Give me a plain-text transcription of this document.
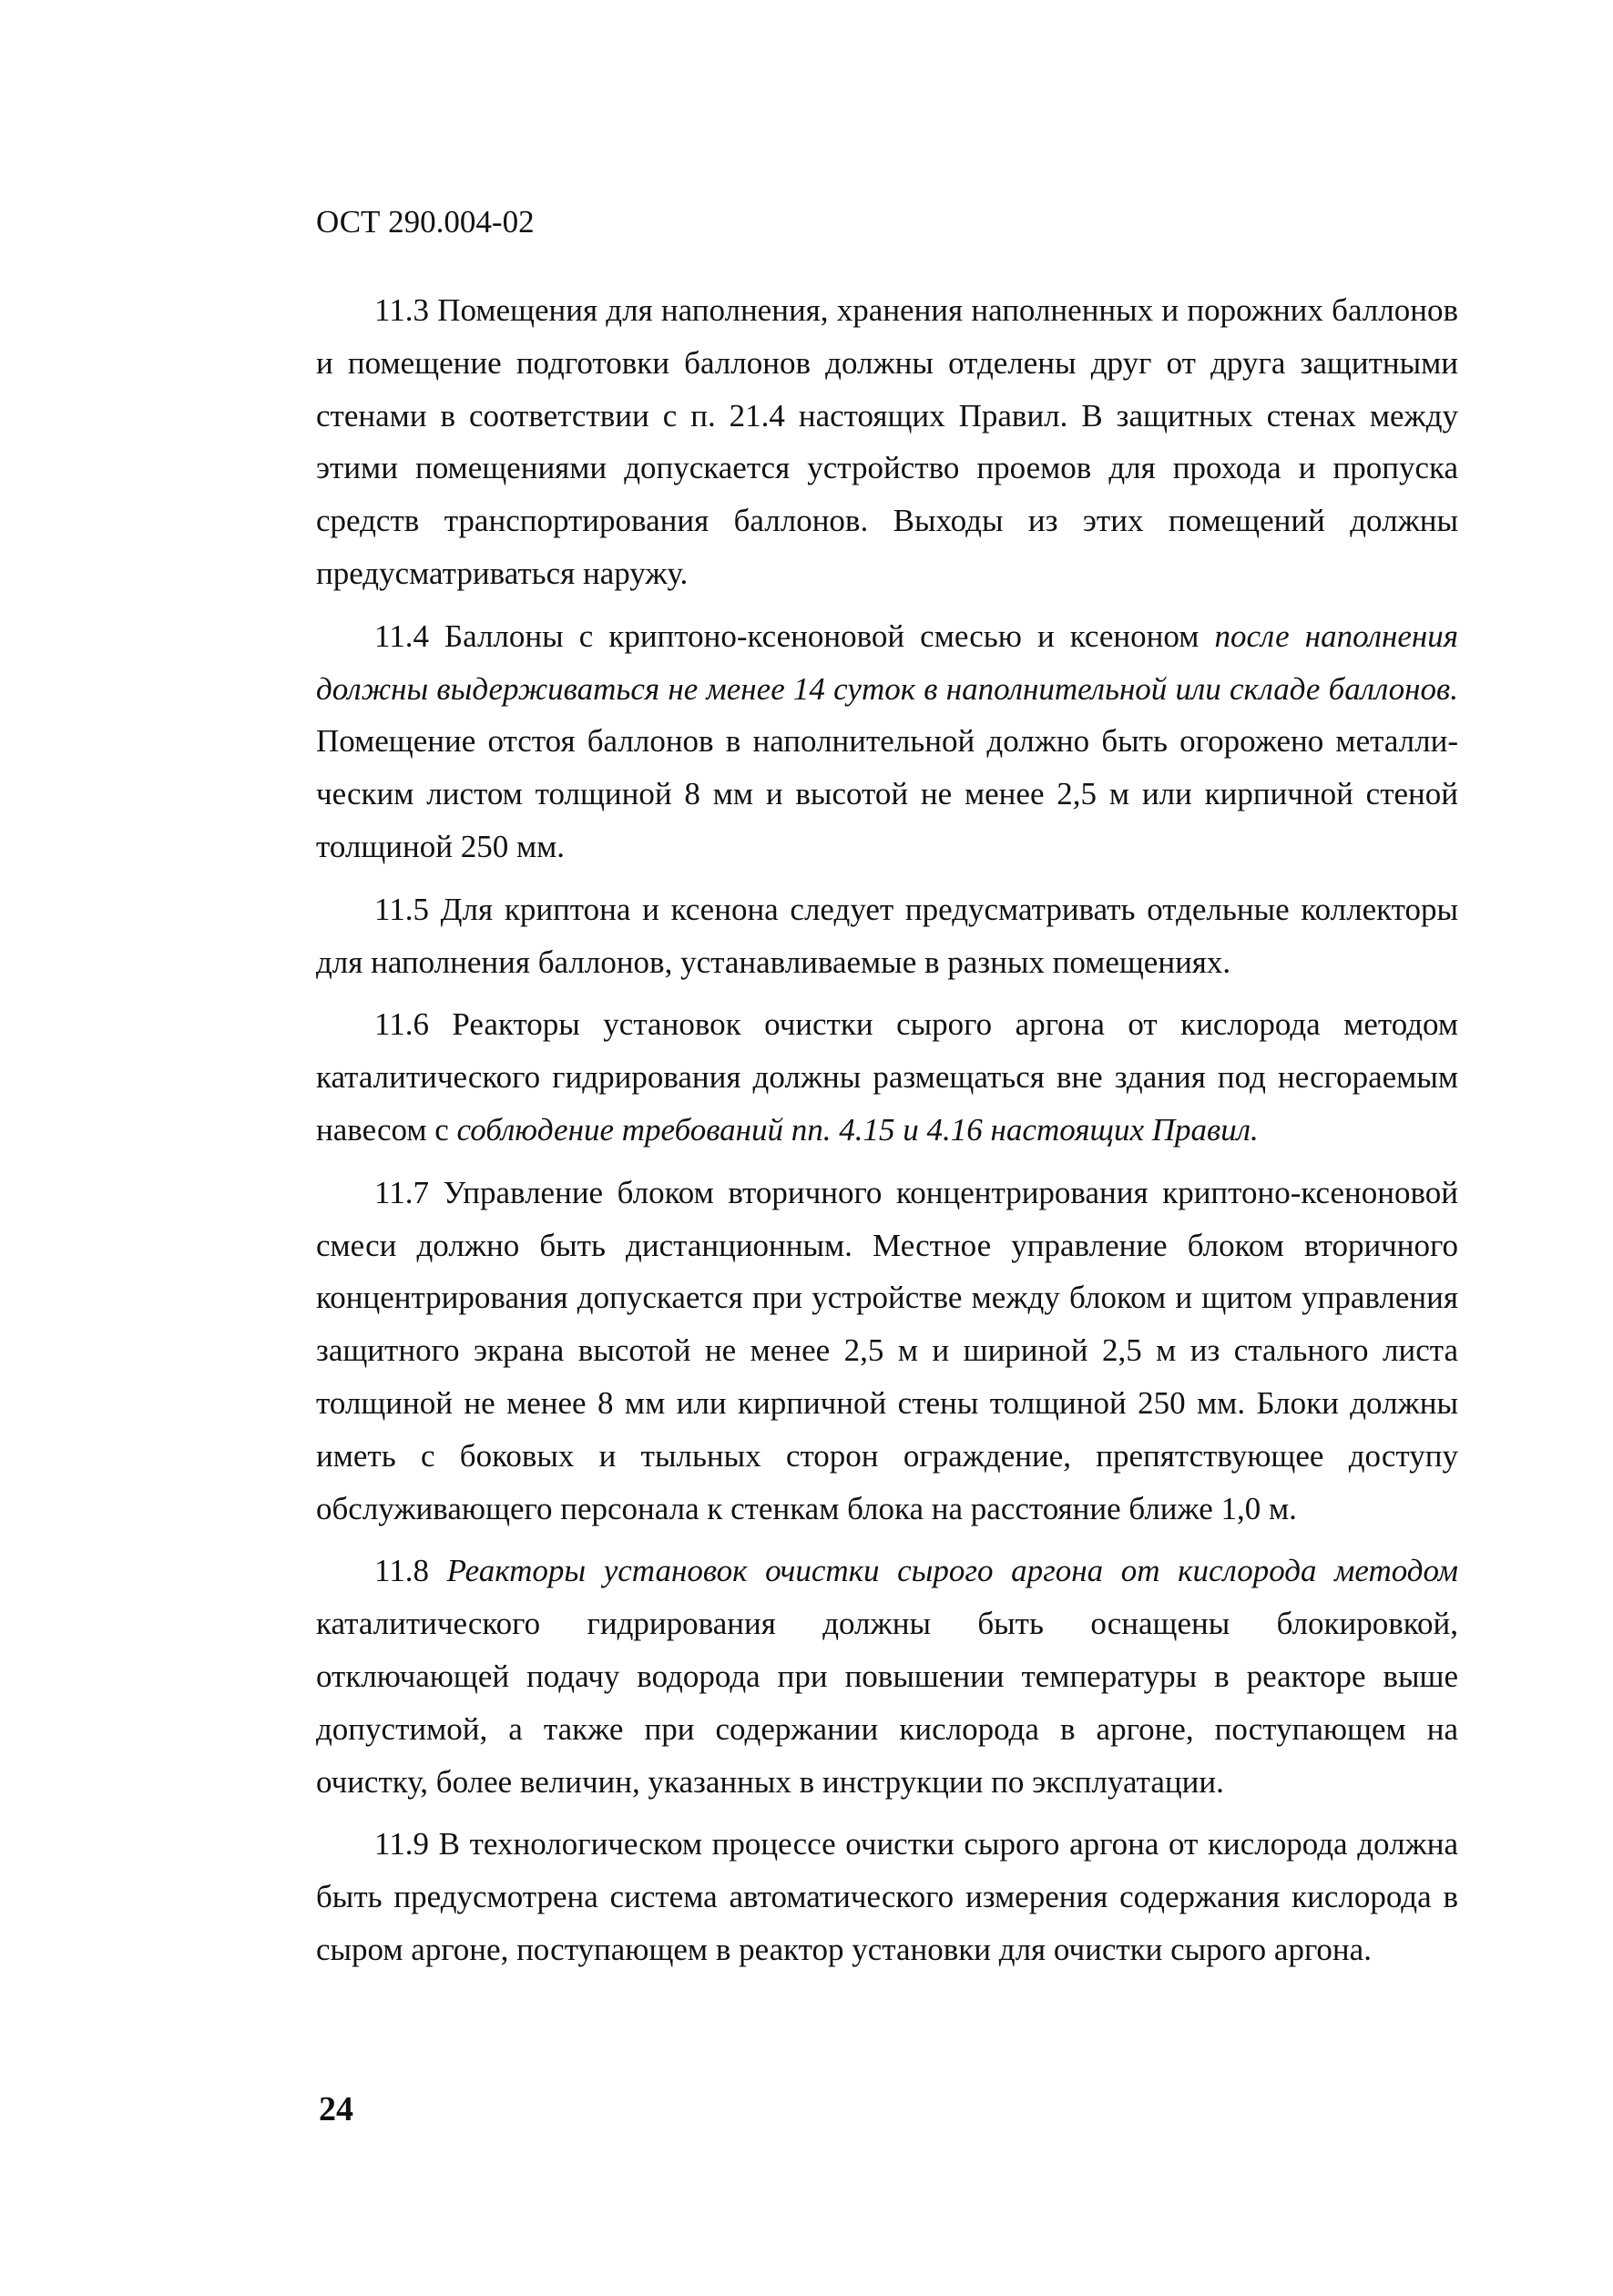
ОСТ 290.004-02

11.3 Помещения для наполнения, хранения наполненных и порожних баллонов и помещение подготовки баллонов должны отделены друг от друга защитными стенами в соответствии с п. 21.4 настоящих Правил. В защитных стенах между этими помещениями допускается устройство проемов для прохода и пропуска средств транспортирования баллонов. Выходы из этих помещений должны предусматриваться наружу.

11.4 Баллоны с криптоно-ксеноновой смесью и ксеноном после наполнения должны выдерживаться не менее 14 суток в наполнительной или складе баллонов. Помещение отстоя баллонов в наполнительной должно быть огорожено металлическим листом толщиной 8 мм и высотой не менее 2,5 м или кирпичной стеной толщиной 250 мм.

11.5 Для криптона и ксенона следует предусматривать отдельные коллекторы для наполнения баллонов, устанавливаемые в разных помещениях.

11.6 Реакторы установок очистки сырого аргона от кислорода методом каталитического гидрирования должны размещаться вне здания под несгораемым навесом с соблюдение требований пп. 4.15 и 4.16 настоящих Правил.

11.7 Управление блоком вторичного концентрирования криптоно-ксеноновой смеси должно быть дистанционным. Местное управление блоком вторичного концентрирования допускается при устройстве между блоком и щитом управления защитного экрана высотой не менее 2,5 м и шириной 2,5 м из стального листа толщиной не менее 8 мм или кирпичной стены толщиной 250 мм. Блоки должны иметь с боковых и тыльных сторон ограждение, препятствующее доступу обслуживающего персонала к стенкам блока на расстояние ближе 1,0 м.

11.8 Реакторы установок очистки сырого аргона от кислорода методом каталитического гидрирования должны быть оснащены блокировкой, отключающей подачу водорода при повышении температуры в реакторе выше допустимой, а также при содержании кислорода в аргоне, поступающем на очистку, более величин, указанных в инструкции по эксплуатации.

11.9 В технологическом процессе очистки сырого аргона от кислорода должна быть предусмотрена система автоматического измерения содержания кислорода в сыром аргоне, поступающем в реактор установки для очистки сырого аргона.

24
